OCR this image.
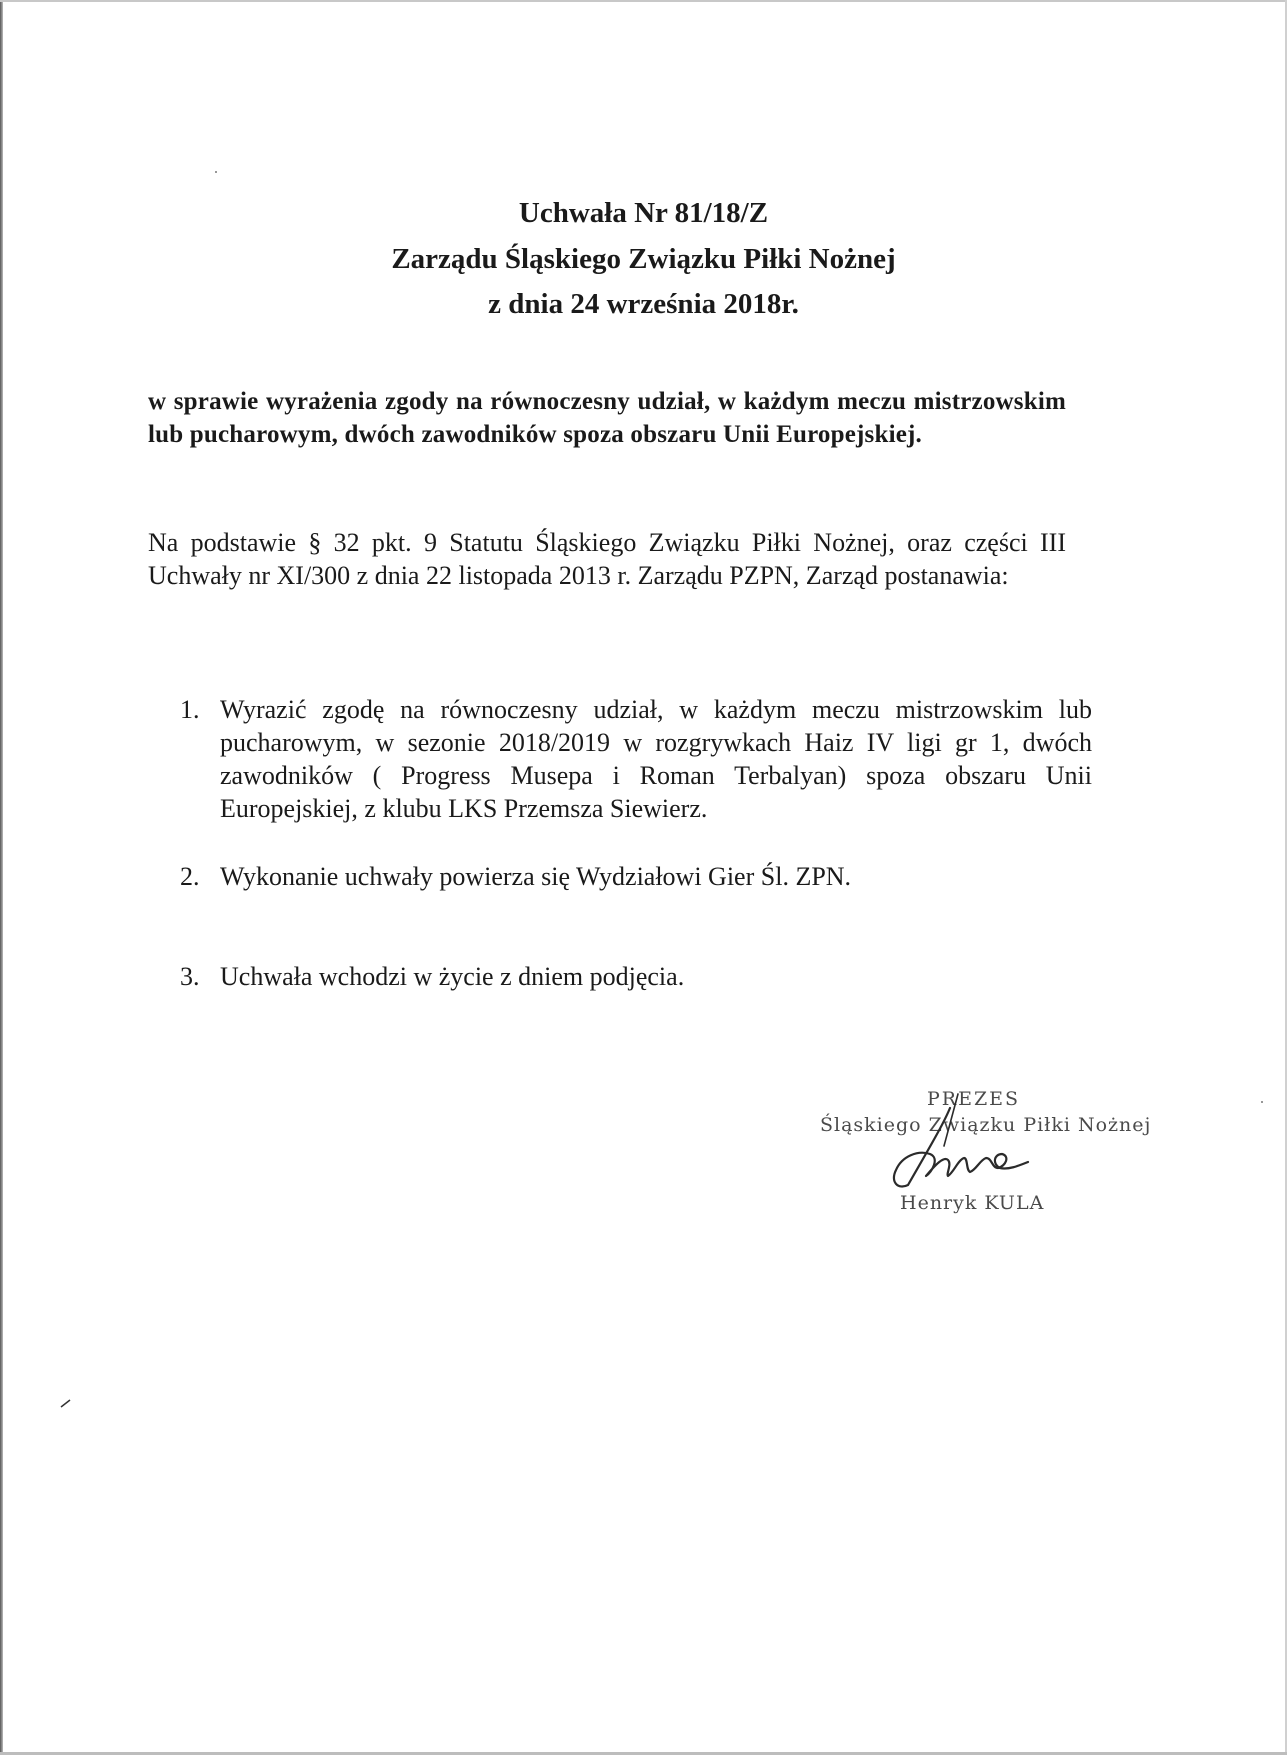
Uchwała Nr 81/18/Z
Zarządu Śląskiego Związku Piłki Nożnej
z dnia 24 września 2018r.
w sprawie wyrażenia zgody na równoczesny udział, w każdym meczu mistrzowskim lub pucharowym, dwóch zawodników spoza obszaru Unii Europejskiej.
Na podstawie § 32 pkt. 9 Statutu Śląskiego Związku Piłki Nożnej, oraz części III Uchwały nr XI/300 z dnia 22 listopada 2013 r. Zarządu PZPN, Zarząd postanawia:
1. Wyrazić zgodę na równoczesny udział, w każdym meczu mistrzowskim lub pucharowym, w sezonie 2018/2019 w rozgrywkach Haiz IV ligi gr 1, dwóch zawodników ( Progress Musepa i Roman Terbalyan) spoza obszaru Unii Europejskiej, z klubu LKS Przemsza Siewierz.
2. Wykonanie uchwały powierza się Wydziałowi Gier Śl. ZPN.
3. Uchwała wchodzi w życie z dniem podjęcia.
PREZES
Śląskiego Związku Piłki Nożnej
Henryk KULA
